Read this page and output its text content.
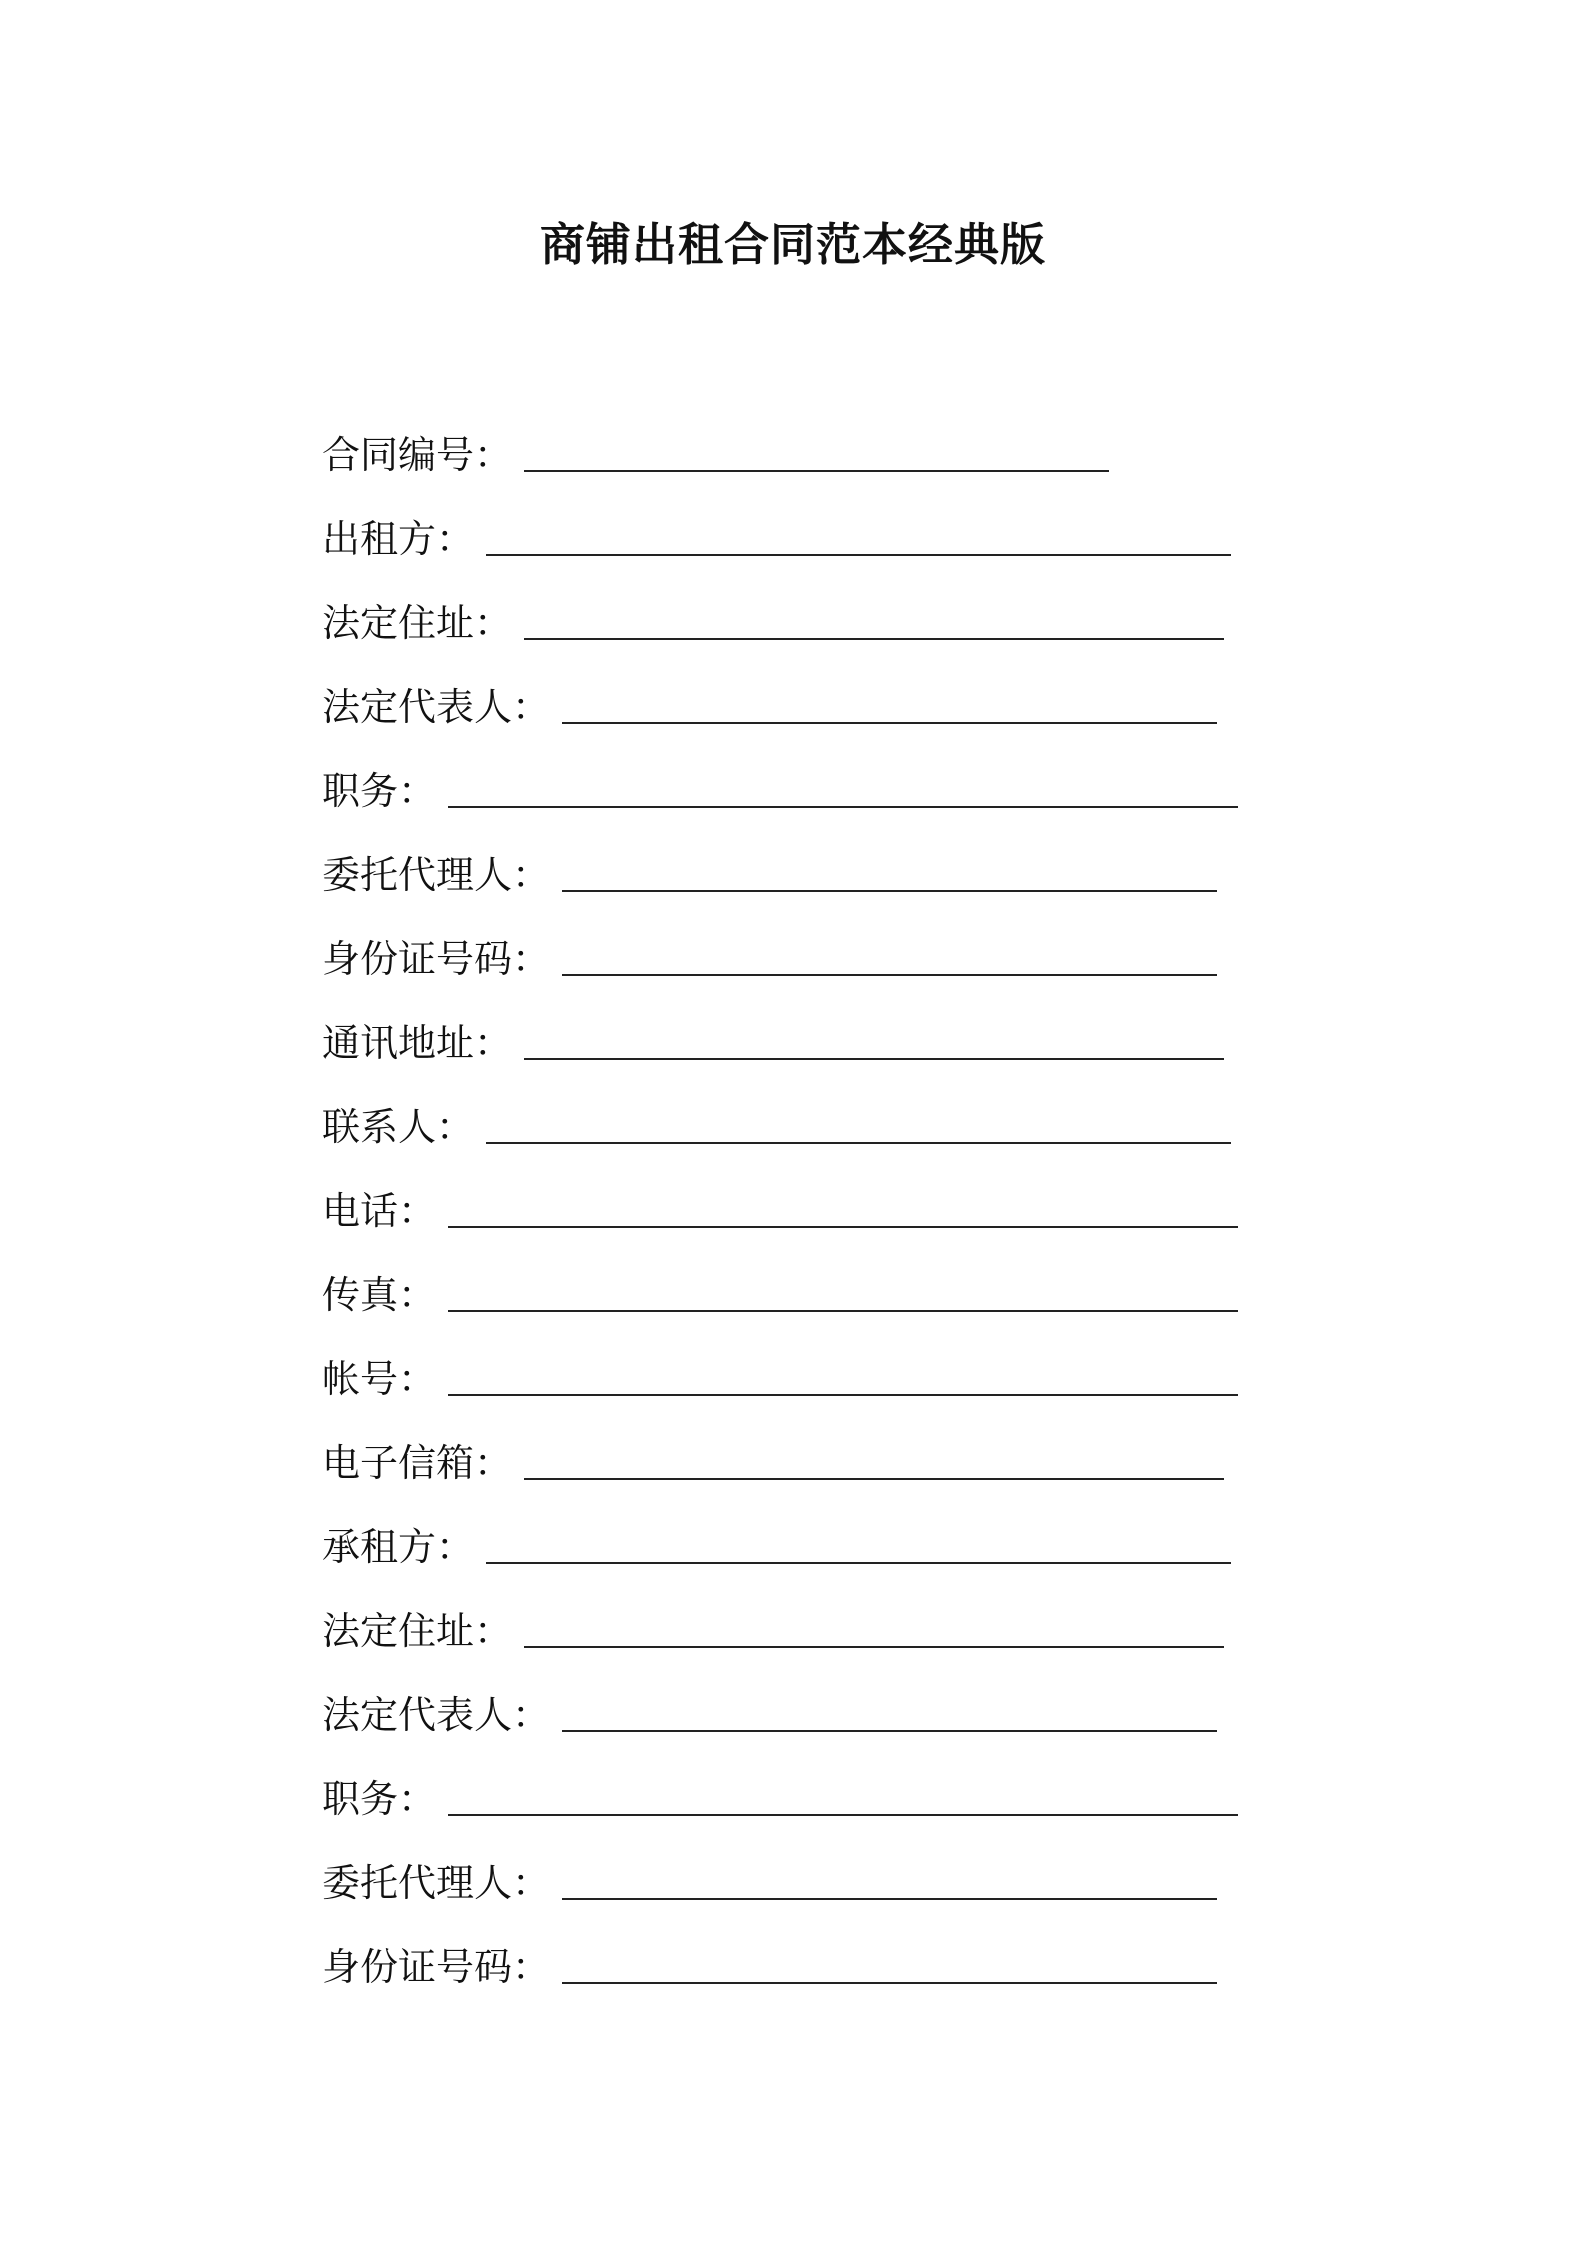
商铺出租合同范本经典版
合同编号 ：
出租方 ：
法定住址 ：
法定代表人 ：
职务 ：
委托代理人 ：
身份证号码 ：
通讯地址 ：
联系人 ：
电话 ：
传真 ：
帐号 ：
电子信箱 ：
承租方 ：
法定住址 ：
法定代表人 ：
职务 ：
委托代理人 ：
身份证号码 ：
